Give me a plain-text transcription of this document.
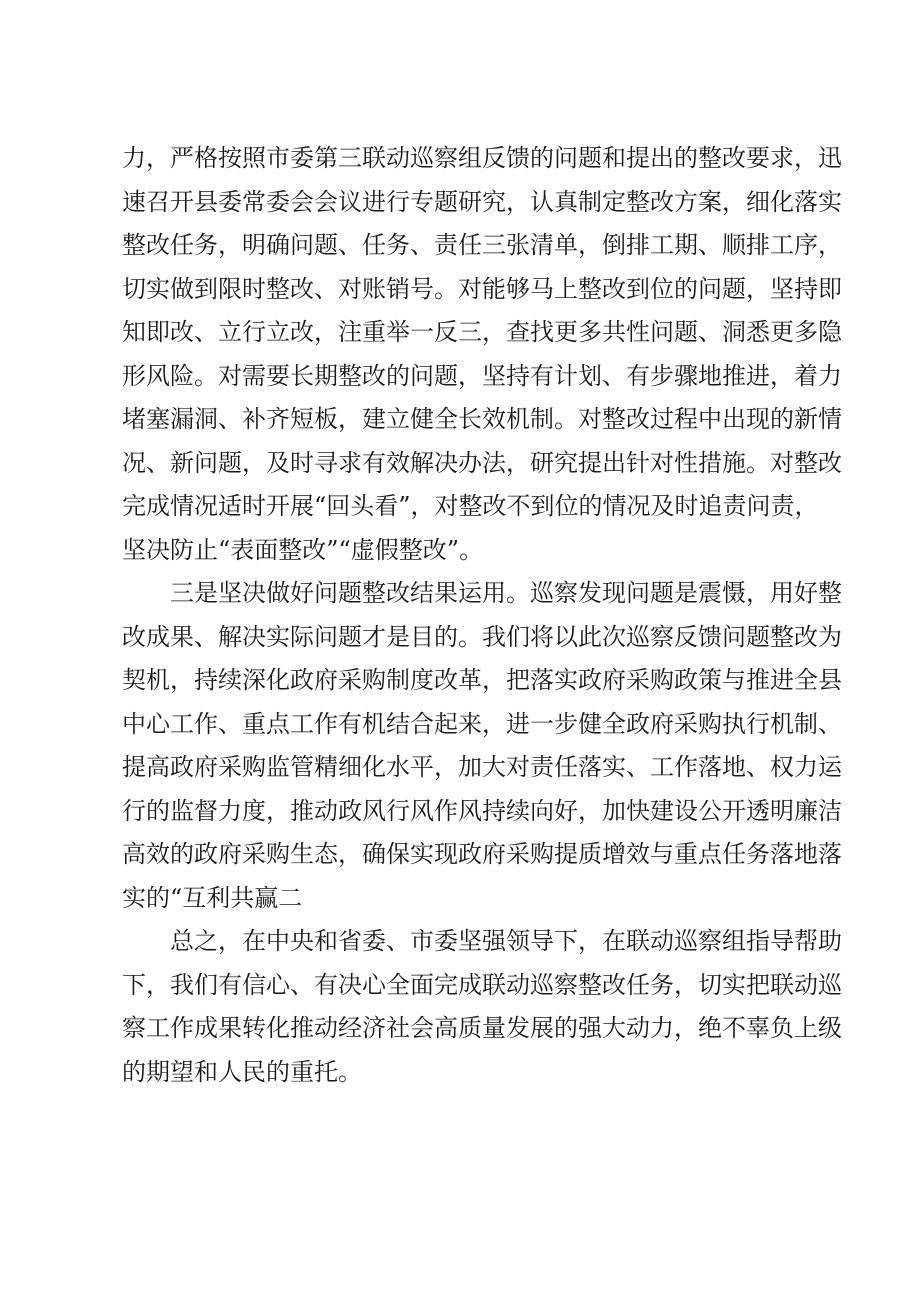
力，严格按照市委第三联动巡察组反馈的问题和提出的整改要求，迅
速召开县委常委会会议进行专题研究，认真制定整改方案，细化落实
整改任务，明确问题、任务、责任三张清单，倒排工期、顺排工序，
切实做到限时整改、对账销号。对能够马上整改到位的问题，坚持即
知即改、立行立改，注重举一反三，查找更多共性问题、洞悉更多隐
形风险。对需要长期整改的问题，坚持有计划、有步骤地推进，着力
堵塞漏洞、补齐短板，建立健全长效机制。对整改过程中出现的新情
况、新问题，及时寻求有效解决办法，研究提出针对性措施。对整改
完成情况适时开展“回头看”，对整改不到位的情况及时追责问责，
坚决防止“表面整改”“虚假整改”。
　　三是坚决做好问题整改结果运用。巡察发现问题是震慑，用好整
改成果、解决实际问题才是目的。我们将以此次巡察反馈问题整改为
契机，持续深化政府采购制度改革，把落实政府采购政策与推进全县
中心工作、重点工作有机结合起来，进一步健全政府采购执行机制、
提高政府采购监管精细化水平，加大对责任落实、工作落地、权力运
行的监督力度，推动政风行风作风持续向好，加快建设公开透明廉洁
高效的政府采购生态，确保实现政府采购提质增效与重点任务落地落
实的“互利共赢二
　　总之，在中央和省委、市委坚强领导下，在联动巡察组指导帮助
下，我们有信心、有决心全面完成联动巡察整改任务，切实把联动巡
察工作成果转化推动经济社会高质量发展的强大动力，绝不辜负上级
的期望和人民的重托。
